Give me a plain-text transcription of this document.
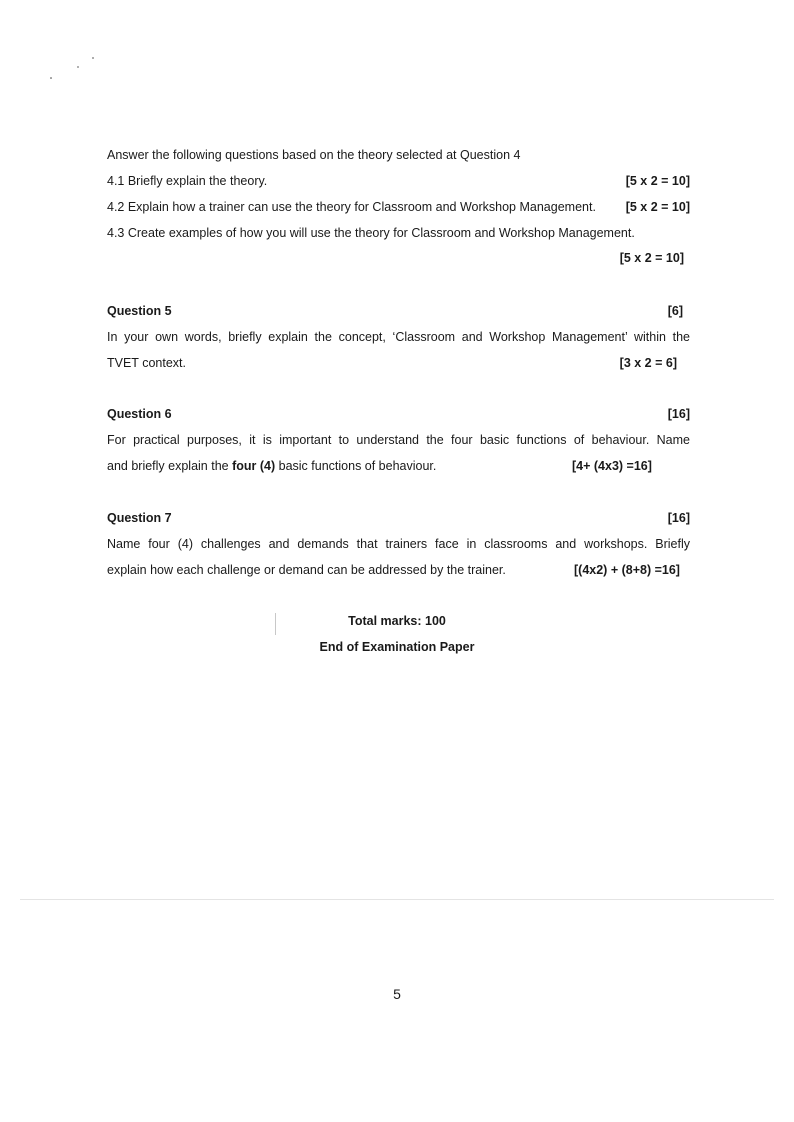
Answer the following questions based on the theory selected at Question 4
4.1 Briefly explain the theory.	[5 x 2 = 10]
4.2 Explain how a trainer can use the theory for Classroom and Workshop Management. [5 x 2 = 10]
4.3 Create examples of how you will use the theory for Classroom and Workshop Management.
[5 x 2 = 10]
Question 5	[6]
In your own words, briefly explain the concept, ‘Classroom and Workshop Management’ within the
TVET context.	[3 x 2 = 6]
Question 6	[16]
For practical purposes, it is important to understand the four basic functions of behaviour. Name
and briefly explain the four (4) basic functions of behaviour.	[4+ (4x3) =16]
Question 7	[16]
Name four (4) challenges and demands that trainers face in classrooms and workshops. Briefly
explain how each challenge or demand can be addressed by the trainer.	[(4x2) + (8+8) =16]
Total marks: 100
End of Examination Paper
5
